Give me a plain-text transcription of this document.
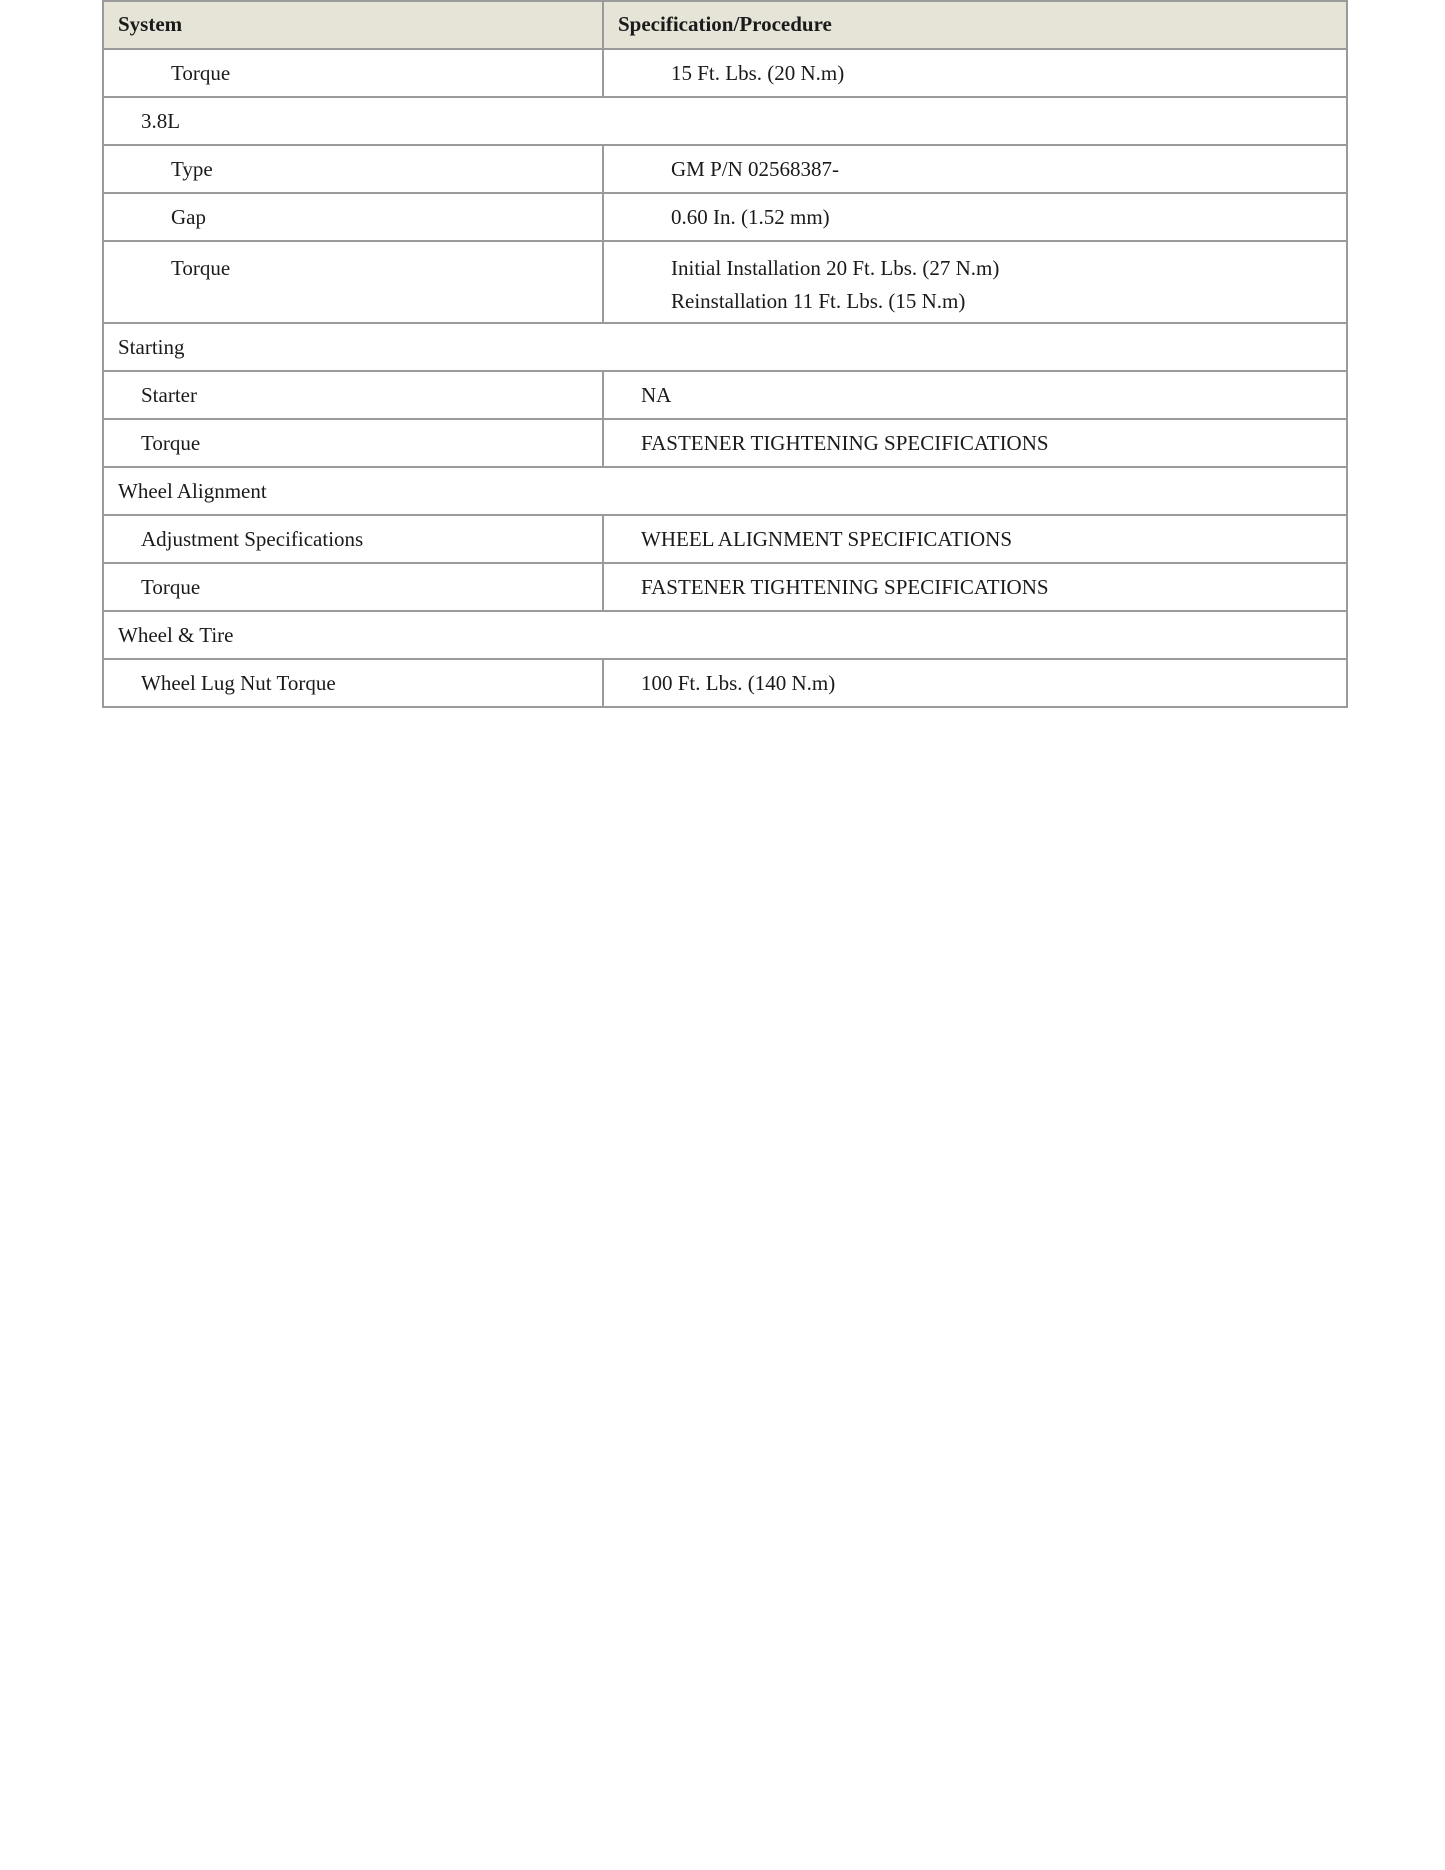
System	Specification/Procedure
Torque	15 Ft. Lbs. (20 N.m)
3.8L	
Type	GM P/N 02568387-
Gap	0.60 In. (1.52 mm)
Torque	Initial Installation 20 Ft. Lbs. (27 N.m)
Reinstallation 11 Ft. Lbs. (15 N.m)

Starting	
Starter	NA
Torque	FASTENER TIGHTENING SPECIFICATIONS
Wheel Alignment	
Adjustment Specifications	WHEEL ALIGNMENT SPECIFICATIONS
Torque	FASTENER TIGHTENING SPECIFICATIONS
Wheel & Tire	
Wheel Lug Nut Torque	100 Ft. Lbs. (140 N.m)
